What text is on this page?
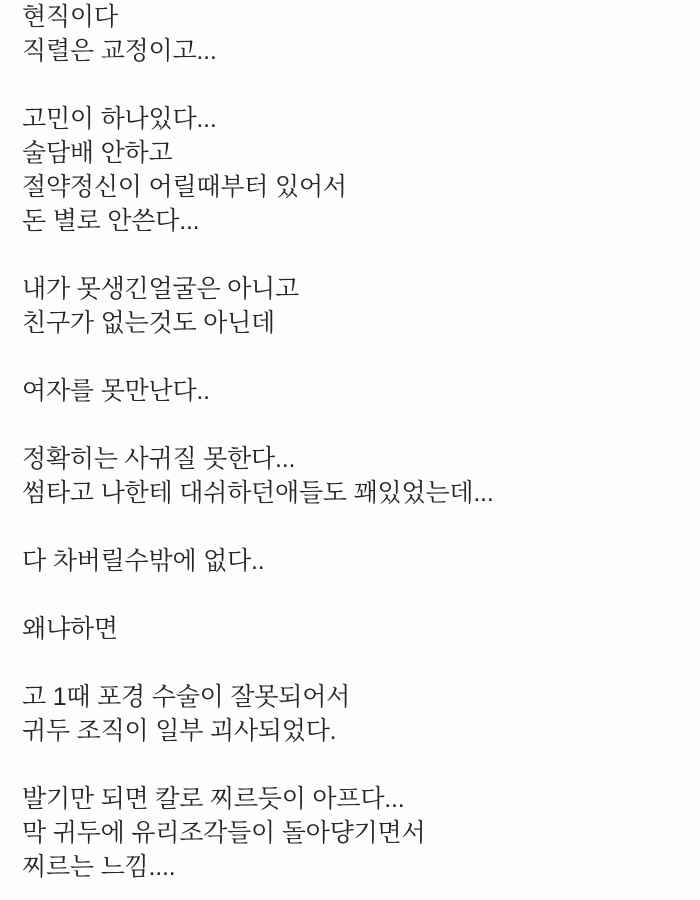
현직이다
직렬은 교정이고...

고민이 하나있다...
술담배 안하고
절약정신이 어릴때부터 있어서
돈 별로 안쓴다...

내가 못생긴얼굴은 아니고
친구가 없는것도 아닌데

여자를 못만난다..

정확히는 사귀질 못한다...
썸타고 나한테 대쉬하던애들도 꽤있었는데...

다 차버릴수밖에 없다..

왜냐하면

고 1때 포경 수술이 잘못되어서
귀두 조직이 일부 괴사되었다.

발기만 되면 칼로 찌르듯이 아프다...
막 귀두에 유리조각들이 돌아댱기면서
찌르는 느낌....
